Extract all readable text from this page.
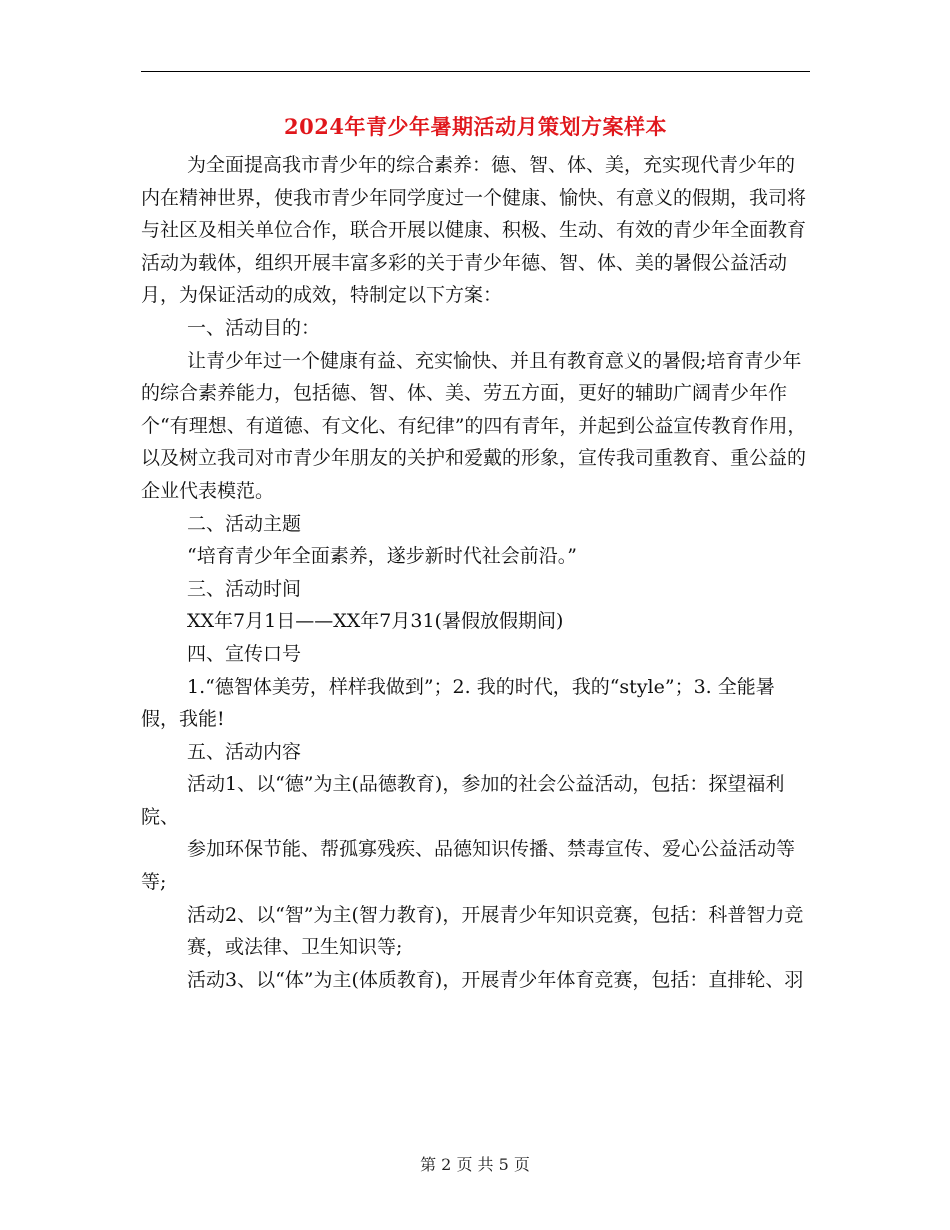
2024年青少年暑期活动月策划方案样本

为全面提高我市青少年的综合素养：德、智、体、美，充实现代青少年的内在精神世界，使我市青少年同学度过一个健康、愉快、有意义的假期，我司将与社区及相关单位合作，联合开展以健康、积极、生动、有效的青少年全面教育活动为载体，组织开展丰富多彩的关于青少年德、智、体、美的暑假公益活动月，为保证活动的成效，特制定以下方案：

一、活动目的：

让青少年过一个健康有益、充实愉快、并且有教育意义的暑假;培育青少年的综合素养能力，包括德、智、体、美、劳五方面，更好的辅助广阔青少年作个“有理想、有道德、有文化、有纪律”的四有青年，并起到公益宣传教育作用，以及树立我司对市青少年朋友的关护和爱戴的形象，宣传我司重教育、重公益的企业代表模范。

二、活动主题

“培育青少年全面素养，遂步新时代社会前沿。”

三、活动时间

XX年7月1日——XX年7月31(暑假放假期间)

四、宣传口号

1.“德智体美劳，样样我做到”；2. 我的时代，我的“style”；3. 全能暑假，我能!

五、活动内容

活动1、以“德”为主(品德教育)，参加的社会公益活动，包括：探望福利院、

参加环保节能、帮孤寡残疾、品德知识传播、禁毒宣传、爱心公益活动等等;

活动2、以“智”为主(智力教育)，开展青少年知识竞赛，包括：科普智力竞

赛，或法律、卫生知识等;

活动3、以“体”为主(体质教育)，开展青少年体育竞赛，包括：直排轮、羽

第 2 页 共 5 页
